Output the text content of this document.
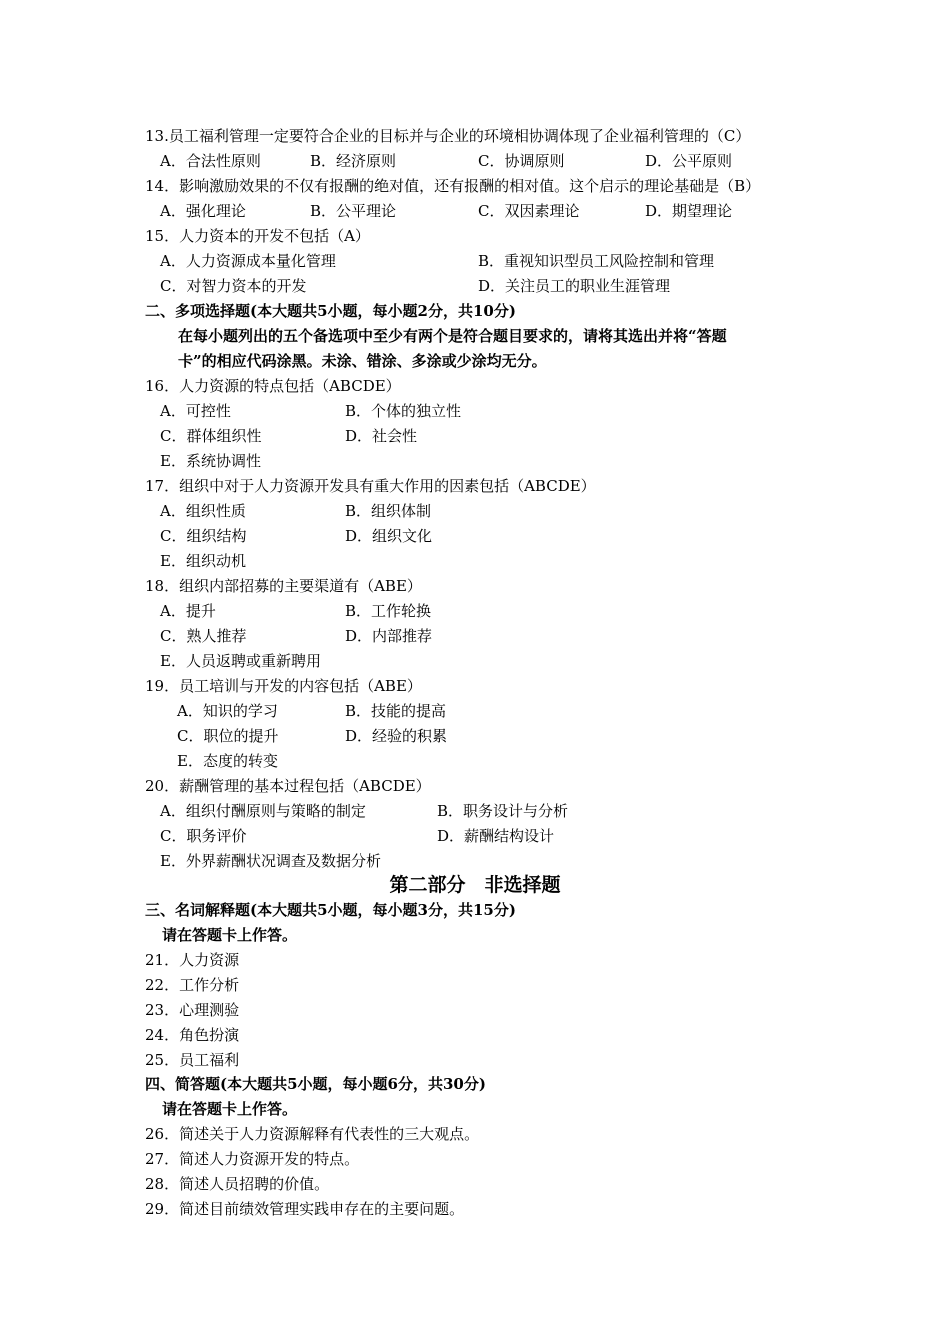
13.员工福利管理一定要符合企业的目标并与企业的环境相协调体现了企业福利管理的（C）
A．合法性原则	B．经济原则	C．协调原则	D．公平原则
14．影响激励效果的不仅有报酬的绝对值，还有报酬的相对值。这个启示的理论基础是（B）
A．强化理论	B．公平理论	C．双因素理论	D．期望理论
15．人力资本的开发不包括（A）
A．人力资源成本量化管理	B．重视知识型员工风险控制和管理
C．对智力资本的开发	D．关注员工的职业生涯管理
二、多项选择题(本大题共5小题，每小题2分，共10分)
在每小题列出的五个备选项中至少有两个是符合题目要求的，请将其选出并将“答题
卡”的相应代码涂黑。未涂、错涂、多涂或少涂均无分。
16．人力资源的特点包括（ABCDE）
A．可控性	B．个体的独立性
C．群体组织性	D．社会性
E．系统协调性
17．组织中对于人力资源开发具有重大作用的因素包括（ABCDE）
A．组织性质	B．组织体制
C．组织结构	D．组织文化
E．组织动机
18．组织内部招募的主要渠道有（ABE）
A．提升	B．工作轮换
C．熟人推荐	D．内部推荐
E．人员返聘或重新聘用
19．员工培训与开发的内容包括（ABE）
A．知识的学习	B．技能的提高
C．职位的提升	D．经验的积累
E．态度的转变
20．薪酬管理的基本过程包括（ABCDE）
A．组织付酬原则与策略的制定	B．职务设计与分析
C．职务评价	D．薪酬结构设计
E．外界薪酬状况调查及数据分析
第二部分　非选择题
三、名词解释题(本大题共5小题，每小题3分，共15分)
请在答题卡上作答。
21．人力资源
22．工作分析
23．心理测验
24．角色扮演
25．员工福利
四、简答题(本大题共5小题，每小题6分，共30分)
请在答题卡上作答。
26．简述关于人力资源解释有代表性的三大观点。
27．简述人力资源开发的特点。
28．简述人员招聘的价值。
29．简述目前绩效管理实践申存在的主要问题。
